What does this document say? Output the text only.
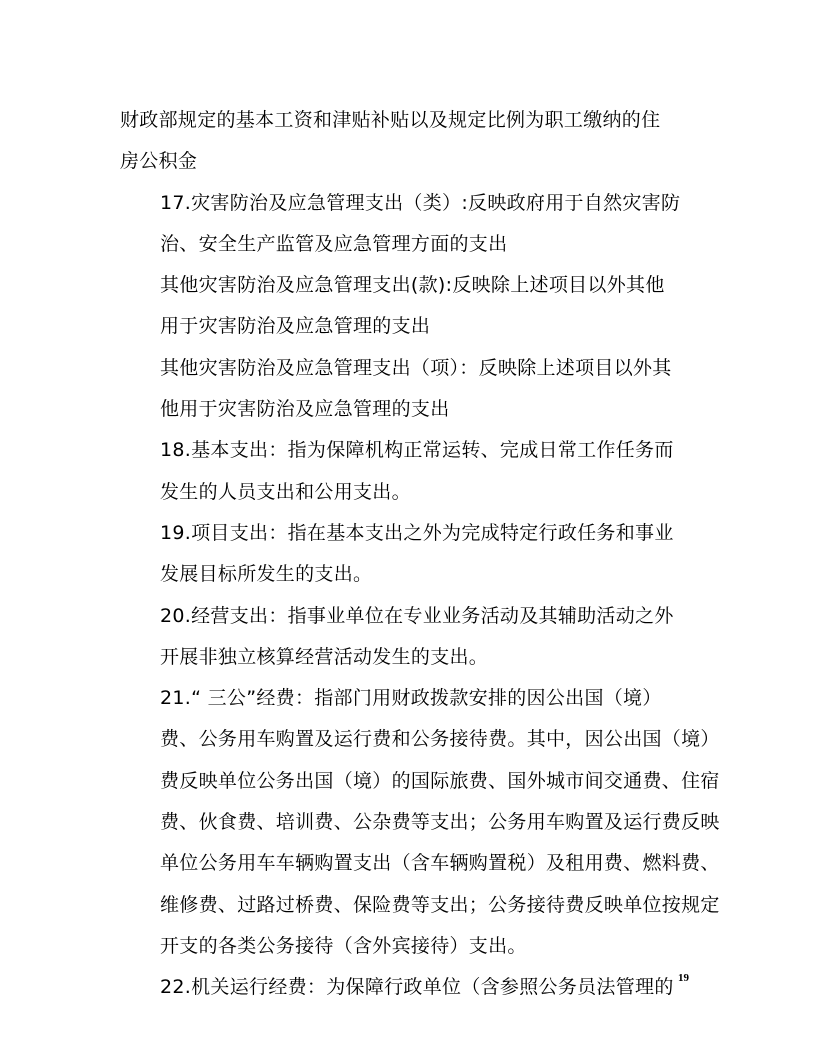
财政部规定的基本工资和津贴补贴以及规定比例为职工缴纳的住
房公积金

17.灾害防治及应急管理支出（类）:反映政府用于自然灾害防
治、安全生产监管及应急管理方面的支出

其他灾害防治及应急管理支出(款):反映除上述项目以外其他
用于灾害防治及应急管理的支出

其他灾害防治及应急管理支出（项）：反映除上述项目以外其
他用于灾害防治及应急管理的支出

18.基本支出：指为保障机构正常运转、完成日常工作任务而
发生的人员支出和公用支出。

19.项目支出：指在基本支出之外为完成特定行政任务和事业
发展目标所发生的支出。

20.经营支出：指事业单位在专业业务活动及其辅助活动之外
开展非独立核算经营活动发生的支出。

21.“ 三公”经费：指部门用财政拨款安排的因公出国（境）
费、公务用车购置及运行费和公务接待费。其中，因公出国（境）
费反映单位公务出国（境）的国际旅费、国外城市间交通费、住宿
费、伙食费、培训费、公杂费等支出；公务用车购置及运行费反映
单位公务用车车辆购置支出（含车辆购置税）及租用费、燃料费、
维修费、过路过桥费、保险费等支出；公务接待费反映单位按规定
开支的各类公务接待（含外宾接待）支出。

22.机关运行经费：为保障行政单位（含参照公务员法管理的 19
